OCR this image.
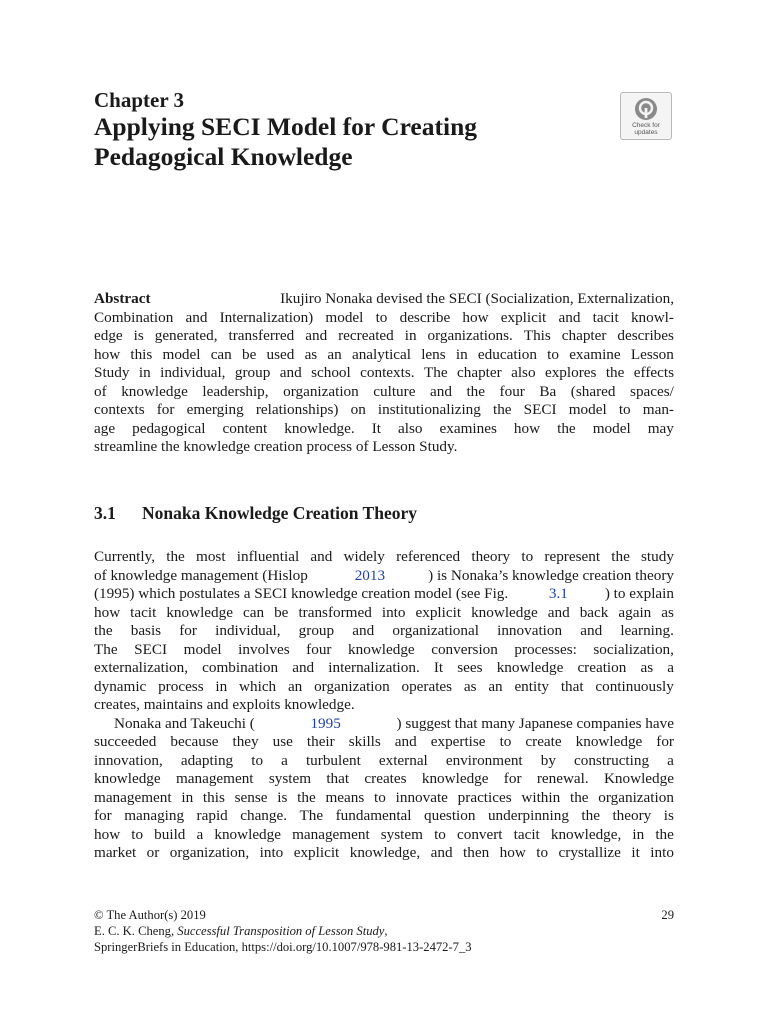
Chapter 3
Applying SECI Model for Creating
Pedagogical Knowledge
Check for
updates
Abstract	Ikujiro Nonaka devised the SECI (Socialization, Externalization,
Combination and Internalization) model to describe how explicit and tacit knowl-
edge is generated, transferred and recreated in organizations. This chapter describes
how this model can be used as an analytical lens in education to examine Lesson
Study in individual, group and school contexts. The chapter also explores the effects
of knowledge leadership, organization culture and the four Ba (shared spaces/
contexts for emerging relationships) on institutionalizing the SECI model to man-
age pedagogical content knowledge. It also examines how the model may
streamline the knowledge creation process of Lesson Study.
3.1 Nonaka Knowledge Creation Theory
Currently, the most influential and widely referenced theory to represent the study
of knowledge management (Hislop	2013	) is Nonaka’s knowledge creation theory
(1995) which postulates a SECI knowledge creation model (see Fig. 3.1 ) to explain
how tacit knowledge can be transformed into explicit knowledge and back again as
the basis for individual, group and organizational innovation and learning.
The SECI model involves four knowledge conversion processes: socialization,
externalization, combination and internalization. It sees knowledge creation as a
dynamic process in which an organization operates as an entity that continuously
creates, maintains and exploits knowledge.
Nonaka and Takeuchi (	1995	) suggest that many Japanese companies have
succeeded because they use their skills and expertise to create knowledge for
innovation, adapting to a turbulent external environment by constructing a
knowledge management system that creates knowledge for renewal. Knowledge
management in this sense is the means to innovate practices within the organization
for managing rapid change. The fundamental question underpinning the theory is
how to build a knowledge management system to convert tacit knowledge, in the
market or organization, into explicit knowledge, and then how to crystallize it into
© The Author(s) 2019	29
E. C. K. Cheng, Successful Transposition of Lesson Study,
SpringerBriefs in Education, https://doi.org/10.1007/978-981-13-2472-7_3
